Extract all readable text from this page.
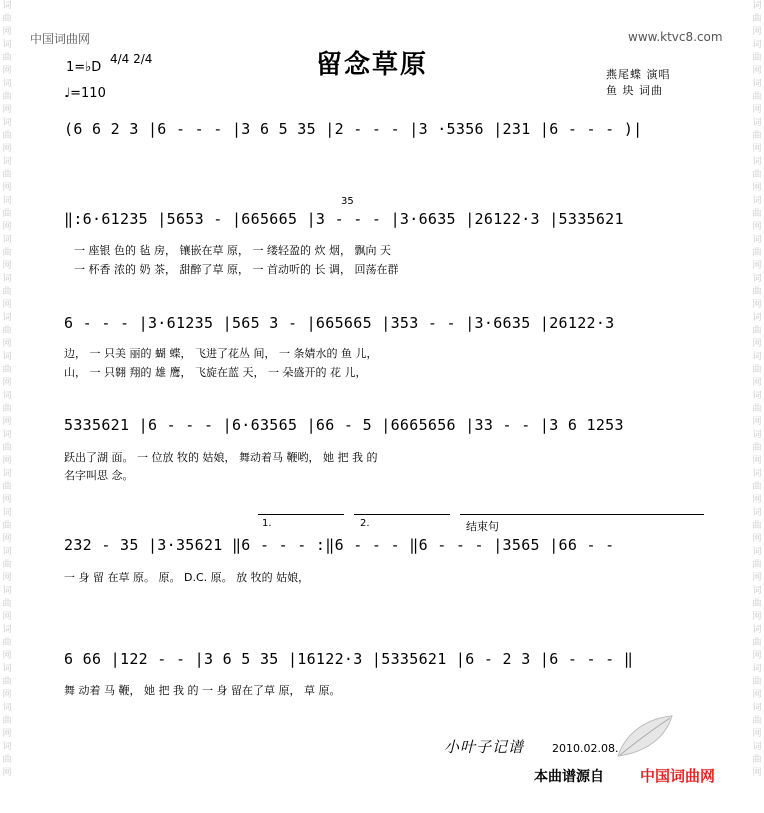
词曲网词曲网词曲网词曲网词曲网词曲网词曲网词曲网词曲网词曲网词曲网词曲网词曲网词曲网词曲网词曲网词曲网词曲网词曲网词曲网
词曲网词曲网词曲网词曲网词曲网词曲网词曲网词曲网词曲网词曲网词曲网词曲网词曲网词曲网词曲网词曲网词曲网词曲网词曲网词曲网
中国词曲网	www.ktvc8.com
留念草原
1=♭D
4/4 2/4
♩=110
燕尾蝶 演唱
鱼 块 词曲
(6 6 2 3 |6 - - - |3 6 5 35 |2 - - - |3 ·5356 |231 |6 - - - )|
35
‖:6·61235 |5653 - |665665 |3 - - - |3·6635 |26122·3 |5335621
一 座银 色的 毡 房， 镶嵌在草 原， 一 缕轻盈的 炊 烟， 飘向 天
一 杯香 浓的 奶 茶， 甜醉了草 原， 一 首动听的 长 调， 回荡在群
6 - - - |3·61235 |565 3 - |665665 |353 - - |3·6635 |26122·3
边， 一 只美 丽的 蝴 蝶， 飞进了花丛 间， 一 条婧水的 鱼 儿，
山， 一 只翱 翔的 雄 鹰， 飞旋在蓝 天， 一 朵盛开的 花 儿，
5335621 |6 - - - |6·63565 |66 - 5 |6665656 |33 - - |3 6 1253
跃出了湖 面。 一 位放 牧的 姑娘， 舞动着马 鞭哟， 她 把 我 的
名字叫思 念。
1.	2.	结束句
232 - 35 |3·35621 ‖6 - - - :‖6 - - - ‖6 - - - |3565 |66 - -
一 身 留 在草 原。 原。 D.C. 原。 放 牧的 姑娘，
6 66 |122 - - |3 6 5 35 |16122·3 |5335621 |6 - 2 3 |6 - - - ‖
舞 动着 马 鞭， 她 把 我 的 一 身 留在了草 原， 草 原。
小叶子记谱	2010.02.08.
本曲谱源自 中国词曲网
